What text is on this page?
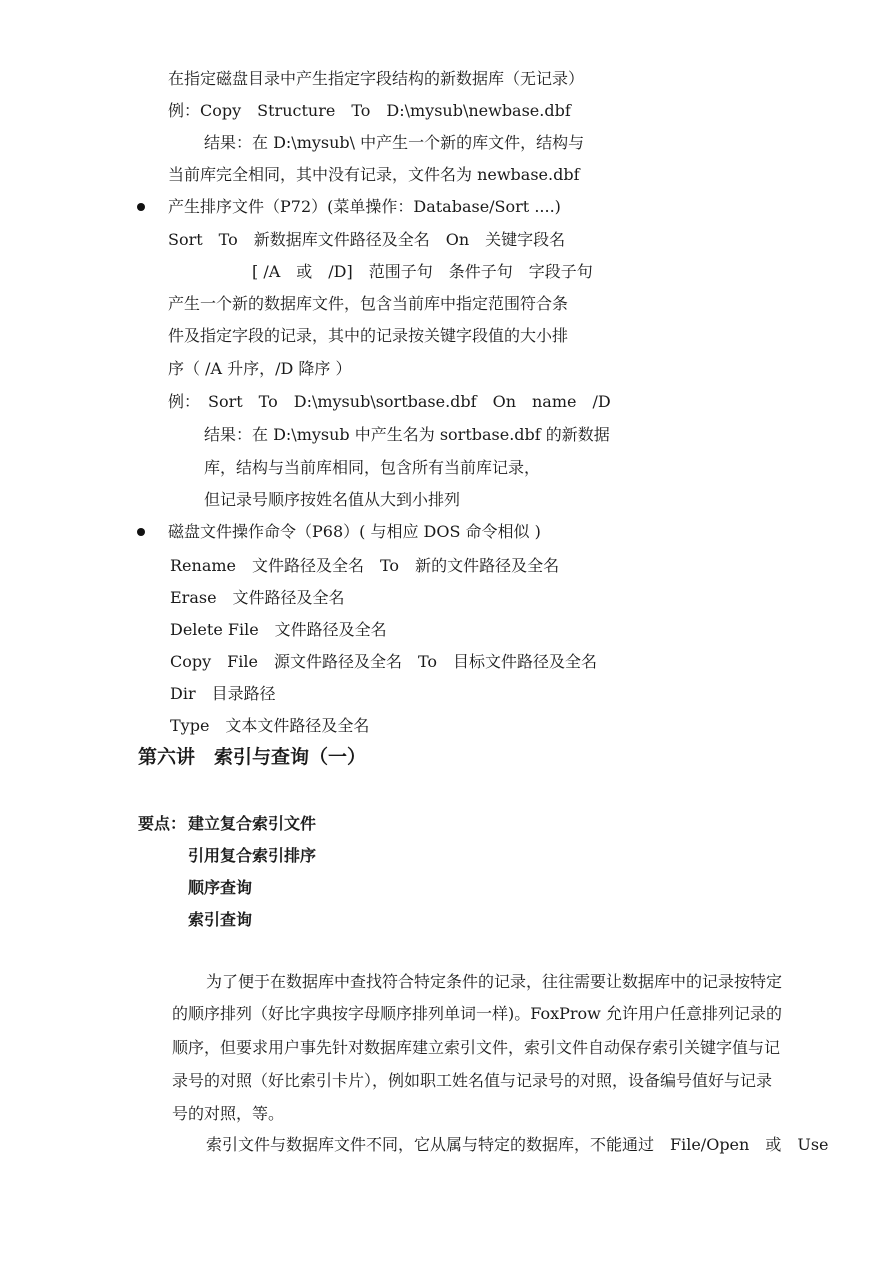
在指定磁盘目录中产生指定字段结构的新数据库（无记录）
例：Copy　Structure　To　D:\mysub\newbase.dbf
结果：在 D:\mysub\ 中产生一个新的库文件，结构与
当前库完全相同，其中没有记录，文件名为 newbase.dbf
产生排序文件（P72）(菜单操作：Database/Sort ....)
Sort　To　新数据库文件路径及全名　On　关键字段名
[ /A　或　/D]　范围子句　条件子句　字段子句
产生一个新的数据库文件，包含当前库中指定范围符合条
件及指定字段的记录，其中的记录按关键字段值的大小排
序（ /A 升序，/D 降序 ）
例：　Sort　To　D:\mysub\sortbase.dbf　On　name　/D
结果：在 D:\mysub 中产生名为 sortbase.dbf 的新数据
库，结构与当前库相同，包含所有当前库记录，
但记录号顺序按姓名值从大到小排列
磁盘文件操作命令（P68）( 与相应 DOS 命令相似 )
Rename　文件路径及全名　To　新的文件路径及全名
Erase　文件路径及全名
Delete File　文件路径及全名
Copy　File　源文件路径及全名　To　目标文件路径及全名
Dir　目录路径
Type　文本文件路径及全名
第六讲　索引与查询（一）
要点： 建立复合索引文件
引用复合索引排序
顺序查询
索引查询
为了便于在数据库中查找符合特定条件的记录，往往需要让数据库中的记录按特定
的顺序排列（好比字典按字母顺序排列单词一样)。FoxProw 允许用户任意排列记录的
顺序，但要求用户事先针对数据库建立索引文件，索引文件自动保存索引关键字值与记
录号的对照（好比索引卡片），例如职工姓名值与记录号的对照，设备编号值好与记录
号的对照，等。
索引文件与数据库文件不同，它从属与特定的数据库，不能通过　File/Open　或　Use
